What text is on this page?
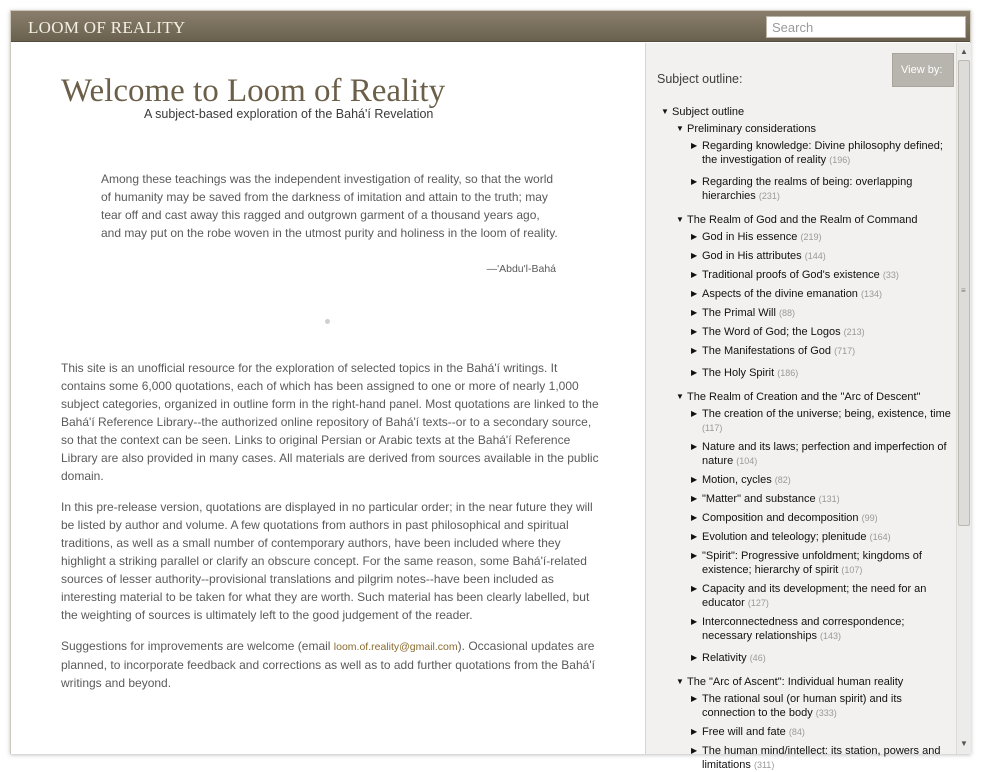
LOOM OF REALITY
Search
Welcome to Loom of Reality
A subject-based exploration of the Bahá'í Revelation
Among these teachings was the independent investigation of reality, so that the world of humanity may be saved from the darkness of imitation and attain to the truth; may tear off and cast away this ragged and outgrown garment of a thousand years ago, and may put on the robe woven in the utmost purity and holiness in the loom of reality.
—'Abdu'l-Bahá

This site is an unofficial resource for the exploration of selected topics in the Bahá'í writings. It contains some 6,000 quotations, each of which has been assigned to one or more of nearly 1,000 subject categories, organized in outline form in the right-hand panel. Most quotations are linked to the Bahá'í Reference Library--the authorized online repository of Bahá'í texts--or to a secondary source, so that the context can be seen. Links to original Persian or Arabic texts at the Bahá'í Reference Library are also provided in many cases. All materials are derived from sources available in the public domain.

In this pre-release version, quotations are displayed in no particular order; in the near future they will be listed by author and volume. A few quotations from authors in past philosophical and spiritual traditions, as well as a small number of contemporary authors, have been included where they highlight a striking parallel or clarify an obscure concept. For the same reason, some Bahá'í-related sources of lesser authority--provisional translations and pilgrim notes--have been included as interesting material to be taken for what they are worth. Such material has been clearly labelled, but the weighting of sources is ultimately left to the good judgement of the reader.

Suggestions for improvements are welcome (email loom.of.reality@gmail.com). Occasional updates are planned, to incorporate feedback and corrections as well as to add further quotations from the Bahá'í writings and beyond.

Subject outline:
View by:
▼ Subject outline
▼ Preliminary considerations
▶ Regarding knowledge: Divine philosophy defined; the investigation of reality (196)
▶ Regarding the realms of being: overlapping hierarchies (231)
▼ The Realm of God and the Realm of Command
▶ God in His essence (219)
▶ God in His attributes (144)
▶ Traditional proofs of God's existence (33)
▶ Aspects of the divine emanation (134)
▶ The Primal Will (88)
▶ The Word of God; the Logos (213)
▶ The Manifestations of God (717)
▶ The Holy Spirit (186)
▼ The Realm of Creation and the "Arc of Descent"
▶ The creation of the universe; being, existence, time (117)
▶ Nature and its laws; perfection and imperfection of nature (104)
▶ Motion, cycles (82)
▶ "Matter" and substance (131)
▶ Composition and decomposition (99)
▶ Evolution and teleology; plenitude (164)
▶ "Spirit": Progressive unfoldment; kingdoms of existence; hierarchy of spirit (107)
▶ Capacity and its development; the need for an educator (127)
▶ Interconnectedness and correspondence; necessary relationships (143)
▶ Relativity (46)
▼ The "Arc of Ascent": Individual human reality
▶ The rational soul (or human spirit) and its connection to the body (333)
▶ Free will and fate (84)
▶ The human mind/intellect: its station, powers and limitations (311)
▲
≡
▼
